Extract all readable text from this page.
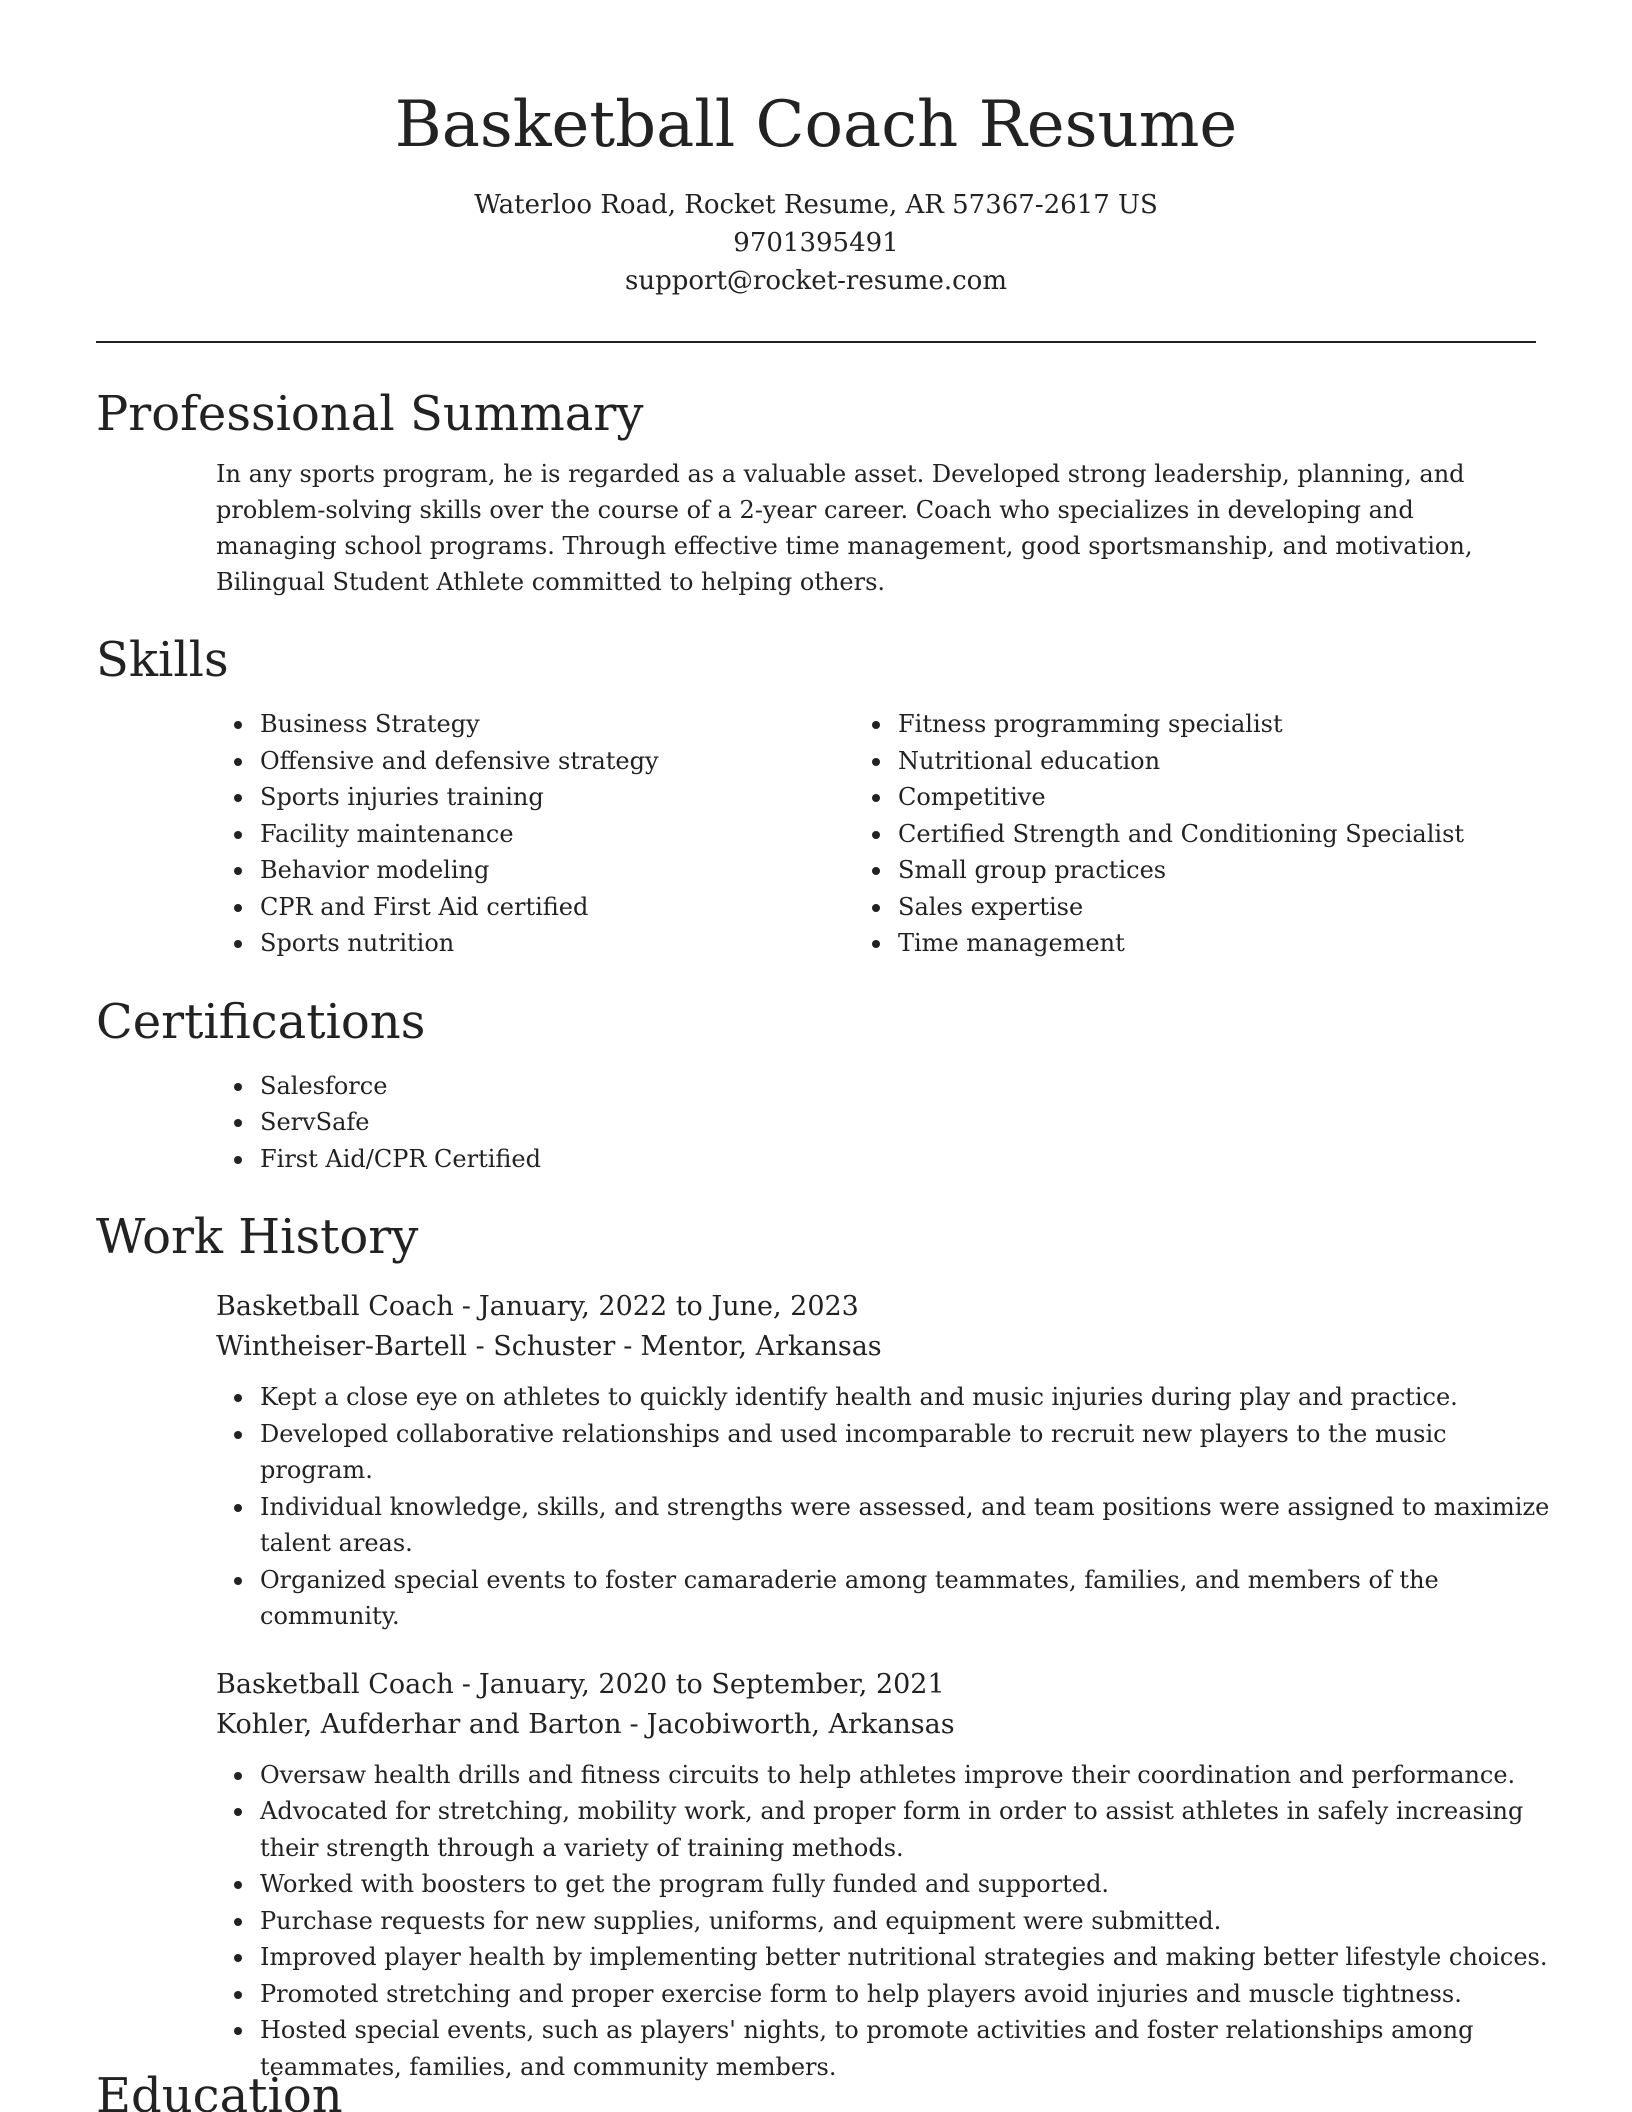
Basketball Coach Resume
Waterloo Road, Rocket Resume, AR 57367-2617 US
9701395491
support@rocket-resume.com
Professional Summary

In any sports program, he is regarded as a valuable asset. Developed strong leadership, planning, and problem-solving skills over the course of a 2-year career. Coach who specializes in developing and managing school programs. Through effective time management, good sportsmanship, and motivation, Bilingual Student Athlete committed to helping others.

Skills
Business Strategy
Offensive and defensive strategy
Sports injuries training
Facility maintenance
Behavior modeling
CPR and First Aid certified
Sports nutrition
Fitness programming specialist
Nutritional education
Competitive
Certified Strength and Conditioning Specialist
Small group practices
Sales expertise
Time management
Certifications
Salesforce
ServSafe
First Aid/CPR Certified
Work History
Basketball Coach - January, 2022 to June, 2023
Wintheiser-Bartell - Schuster - Mentor, Arkansas
Kept a close eye on athletes to quickly identify health and music injuries during play and practice.
Developed collaborative relationships and used incomparable to recruit new players to the music program.
Individual knowledge, skills, and strengths were assessed, and team positions were assigned to maximize talent areas.
Organized special events to foster camaraderie among teammates, families, and members of the community.
Basketball Coach - January, 2020 to September, 2021
Kohler, Aufderhar and Barton - Jacobiworth, Arkansas
Oversaw health drills and fitness circuits to help athletes improve their coordination and performance.
Advocated for stretching, mobility work, and proper form in order to assist athletes in safely increasing their strength through a variety of training methods.
Worked with boosters to get the program fully funded and supported.
Purchase requests for new supplies, uniforms, and equipment were submitted.
Improved player health by implementing better nutritional strategies and making better lifestyle choices.
Promoted stretching and proper exercise form to help players avoid injuries and muscle tightness.
Hosted special events, such as players' nights, to promote activities and foster relationships among teammates, families, and community members.
Education
